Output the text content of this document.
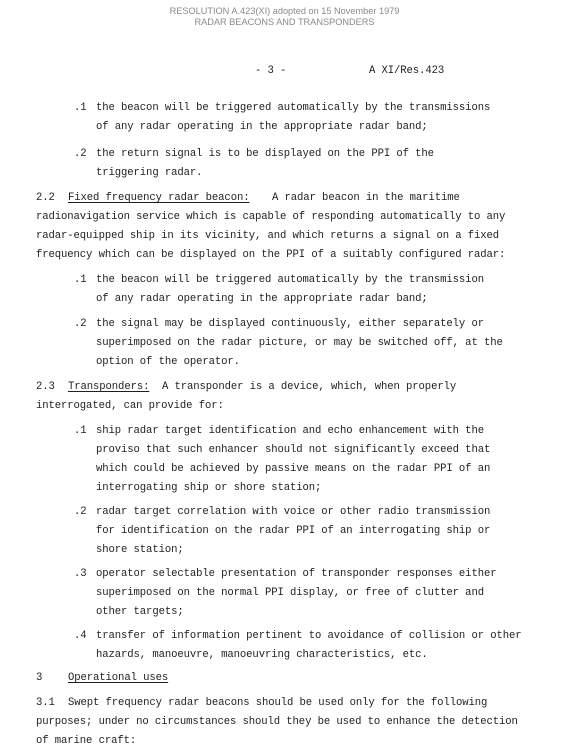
RESOLUTION A.423(XI) adopted on 15 November 1979
RADAR BEACONS AND TRANSPONDERS
- 3 -	A XI/Res.423
.1 the beacon will be triggered automatically by the transmissions
of any radar operating in the appropriate radar band;
.2 the return signal is to be displayed on the PPI of the
triggering radar.
2.2 Fixed frequency radar beacon: A radar beacon in the maritime
radionavigation service which is capable of responding automatically to any
radar-equipped ship in its vicinity, and which returns a signal on a fixed
frequency which can be displayed on the PPI of a suitably configured radar:
.1 the beacon will be triggered automatically by the transmission
of any radar operating in the appropriate radar band;
.2 the signal may be displayed continuously, either separately or
superimposed on the radar picture, or may be switched off, at the
option of the operator.
2.3 Transponders: A transponder is a device, which, when properly
interrogated, can provide for:
.1 ship radar target identification and echo enhancement with the
proviso that such enhancer should not significantly exceed that
which could be achieved by passive means on the radar PPI of an
interrogating ship or shore station;
.2 radar target correlation with voice or other radio transmission
for identification on the radar PPI of an interrogating ship or
shore station;
.3 operator selectable presentation of transponder responses either
superimposed on the normal PPI display, or free of clutter and
other targets;
.4 transfer of information pertinent to avoidance of collision or other
hazards, manoeuvre, manoeuvring characteristics, etc.
3 Operational uses
3.1 Swept frequency radar beacons should be used only for the following
purposes; under no circumstances should they be used to enhance the detection
of marine craft:
